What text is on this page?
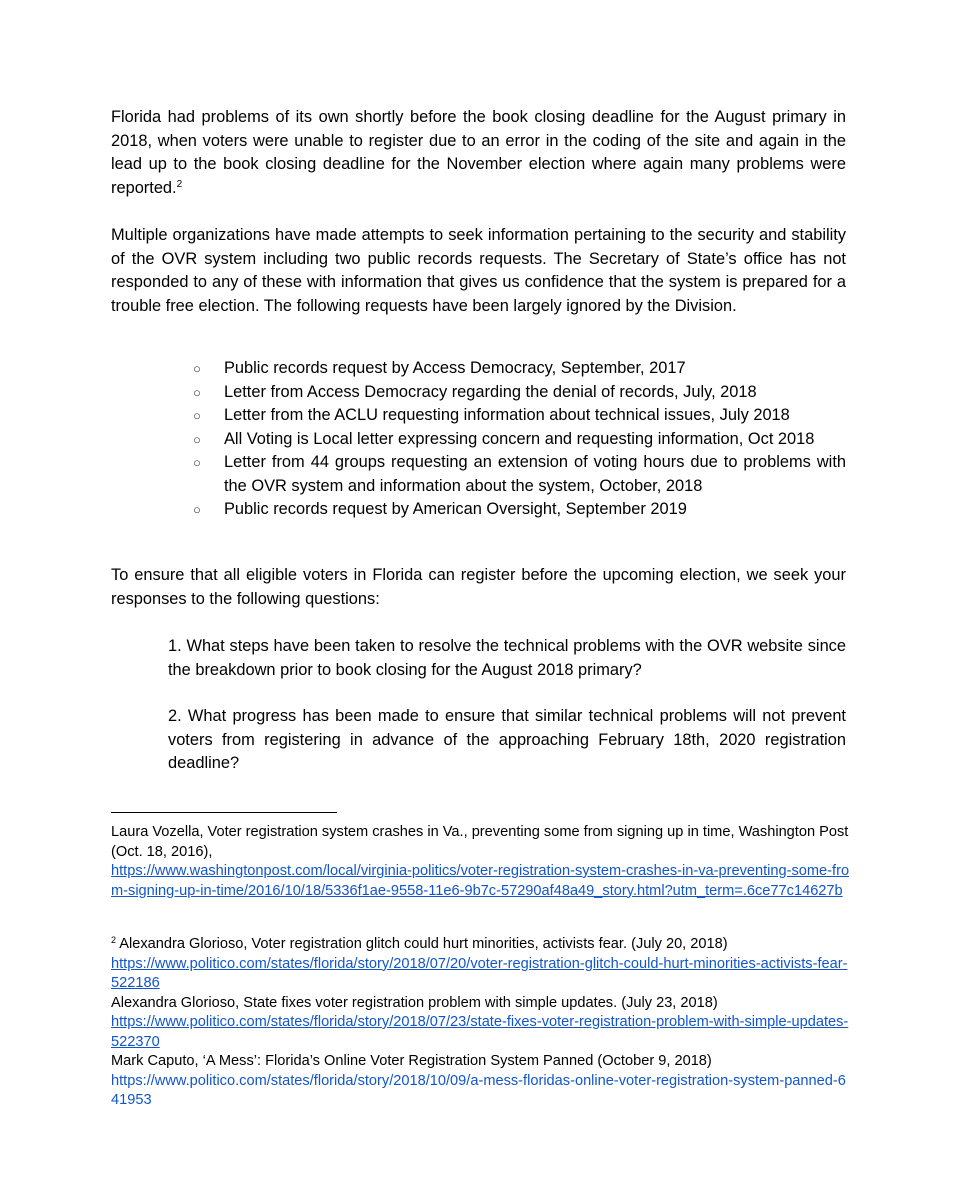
Florida had problems of its own shortly before the book closing deadline for the August primary in 2018, when voters were unable to register due to an error in the coding of the site and again in the lead up to the book closing deadline for the November election where again many problems were reported.$^2$

Multiple organizations have made attempts to seek information pertaining to the security and stability of the OVR system including two public records requests. The Secretary of State’s office has not responded to any of these with information that gives us confidence that the system is prepared for a trouble free election. The following requests have been largely ignored by the Division.

○ Public records request by Access Democracy, September, 2017
○ Letter from Access Democracy regarding the denial of records, July, 2018
○ Letter from the ACLU requesting information about technical issues, July 2018
○ All Voting is Local letter expressing concern and requesting information, Oct 2018
○ Letter from 44 groups requesting an extension of voting hours due to problems with the OVR system and information about the system, October, 2018
○ Public records request by American Oversight, September 2019

To ensure that all eligible voters in Florida can register before the upcoming election, we seek your responses to the following questions:

1. What steps have been taken to resolve the technical problems with the OVR website since the breakdown prior to book closing for the August 2018 primary?

2. What progress has been made to ensure that similar technical problems will not prevent voters from registering in advance of the approaching February 18th, 2020 registration deadline?

Laura Vozella, Voter registration system crashes in Va., preventing some from signing up in time, Washington Post (Oct. 18, 2016),
https://www.washingtonpost.com/local/virginia-politics/voter-registration-system-crashes-in-va-preventing-some-from-signing-up-in-time/2016/10/18/5336f1ae-9558-11e6-9b7c-57290af48a49_story.html?utm_term=.6ce77c14627b

$^2$ Alexandra Glorioso, Voter registration glitch could hurt minorities, activists fear. (July 20, 2018)
https://www.politico.com/states/florida/story/2018/07/20/voter-registration-glitch-could-hurt-minorities-activists-fear-522186
Alexandra Glorioso, State fixes voter registration problem with simple updates. (July 23, 2018)
https://www.politico.com/states/florida/story/2018/07/23/state-fixes-voter-registration-problem-with-simple-updates-522370
Mark Caputo, ‘A Mess’: Florida’s Online Voter Registration System Panned (October 9, 2018)
https://www.politico.com/states/florida/story/2018/10/09/a-mess-floridas-online-voter-registration-system-panned-641953
